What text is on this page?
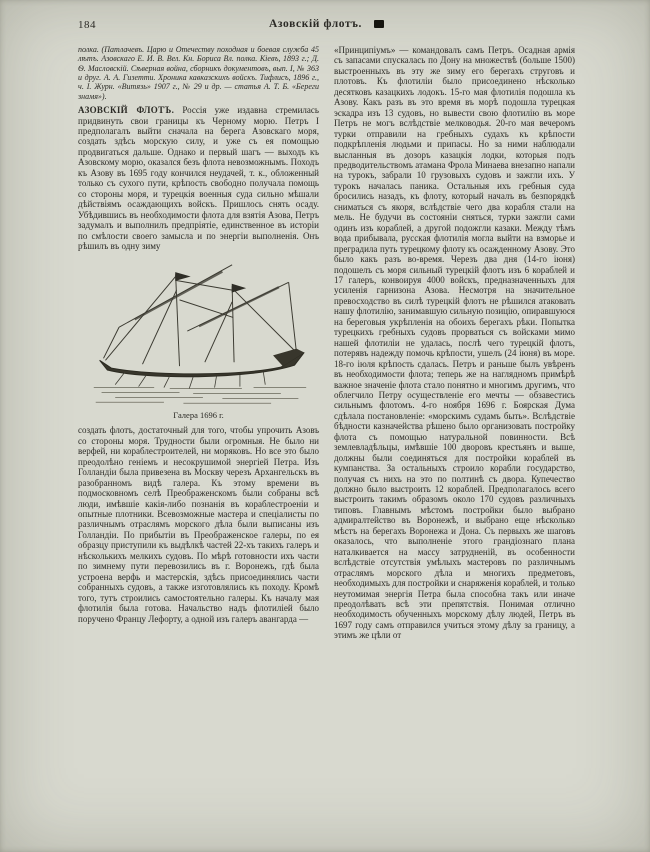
184	Азовскій флотъ.

полка. (Патлачевъ. Царю и Отечеству походная и боевая служба 45 лѣтъ. Азовскаго Е. И. В. Вел. Кн. Бориса Вл. полка. Кіевъ, 1893 г.; Д. Ѳ. Масловскій. Сѣверная война, сборникъ документовъ, вып. I, № 363 и друг. А. А. Гизетти. Хроника кавказскихъ войскъ. Тифлисъ, 1896 г., ч. I. Журн. «Витязь» 1907 г., № 29 и др. — статья А. Т. Б. «Береги знамя»).

АЗОВСКІЙ ФЛОТЪ. Россія уже издавна стремилась придвинуть свои границы къ Черному морю. Петръ I предполагалъ выйти сначала на берега Азовскаго моря, создать здѣсь морскую силу, и уже съ ея помощью продвигаться дальше. Однако и первый шагъ — выходъ къ Азовскому морю, оказался безъ флота невозможнымъ. Походъ къ Азову въ 1695 году кончился неудачей, т. к., обложенный только съ сухого пути, крѣпость свободно получала помощь со стороны моря, и турецкія военныя суда сильно мѣшали дѣйствіямъ осаждающихъ войскъ. Пришлось снять осаду. Убѣдившись въ необходимости флота для взятія Азова, Петръ задумалъ и выполнилъ предпріятіе, единственное въ исторіи по смѣлости своего замысла и по энергіи выполненія. Онъ рѣшилъ въ одну зиму

Галера 1696 г.

создать флотъ, достаточный для того, чтобы упрочить Азовъ со стороны моря. Трудности были огромныя. Не было ни верфей, ни кораблестроителей, ни моряковъ. Но все это было преодолѣно геніемъ и несокрушимой энергіей Петра. Изъ Голландіи была привезена въ Москву черезъ Архангельскъ въ разобранномъ видѣ галера. Къ этому времени въ подмосковномъ селѣ Преображенскомъ были собраны всѣ люди, имѣвшіе какія-либо познанія въ кораблестроеніи и опытные плотники. Всевозможные мастера и спеціалисты по различнымъ отраслямъ морского дѣла были выписаны изъ Голландіи. По прибытіи въ Преображенское галеры, по ея образцу приступили къ выдѣлкѣ частей 22-хъ такихъ галеръ и нѣсколькихъ мелкихъ судовъ. По мѣрѣ готовности ихъ части по зимнему пути перевозились въ г. Воронежъ, гдѣ была устроена верфь и мастерскія, здѣсь присоединялись части собранныхъ судовъ, а также изготовлялись къ походу. Кромѣ того, тутъ строились самостоятельно галеры. Къ началу мая флотилія была готова. Начальство надъ флотиліей было поручено Францу Лефорту, а одной изъ галеръ авангарда —

«Принципіумъ» — командовалъ самъ Петръ. Осадная армія съ запасами спускалась по Дону на множествѣ (больше 1500) выстроенныхъ въ эту же зиму его берегахъ струговъ и плотовъ. Къ флотиліи было присоединено нѣсколько десятковъ казацкихъ лодокъ. 15-го мая флотилія подошла къ Азову. Какъ разъ въ это время въ морѣ подошла турецкая эскадра изъ 13 судовъ, но вывести свою флотилію въ море Петръ не могъ вслѣдствіе мелководья. 20-го мая вечеромъ турки отправили на гребныхъ судахъ къ крѣпости подкрѣпленія людьми и припасы. Но за ними наблюдали высланныя въ дозоръ казацкія лодки, которыя подъ предводительствомъ атамана Фрола Минаева внезапно напали на турокъ, забрали 10 грузовыхъ судовъ и зажгли ихъ. У турокъ началась паника. Остальныя ихъ гребныя суда бросились назадъ, къ флоту, который началъ въ безпорядкѣ сниматься съ якоря, вслѣдствіе чего два корабля стали на мель. Не будучи въ состояніи сняться, турки зажгли сами одинъ изъ кораблей, а другой подожгли казаки. Между тѣмъ вода прибывала, русская флотилія могла выйти на взморье и преградила путь турецкому флоту къ осажденному Азову. Это было какъ разъ во-время. Черезъ два дня (14-го іюня) подошелъ съ моря сильный турецкій флотъ изъ 6 кораблей и 17 галеръ, конвоируя 4000 войскъ, предназначенныхъ для усиленія гарнизона Азова. Несмотря на значительное превосходство въ силѣ турецкій флотъ не рѣшился атаковать нашу флотилію, занимавшую сильную позицію, опиравшуюся на береговыя укрѣпленія на обоихъ берегахъ рѣки. Попытка турецкихъ гребныхъ судовъ прорваться съ войсками мимо нашей флотиліи не удалась, послѣ чего турецкій флотъ, потерявъ надежду помочь крѣпости, ушелъ (24 іюня) въ море. 18-го іюля крѣпость сдалась. Петръ и раньше былъ увѣренъ въ необходимости флота; теперь же на наглядномъ примѣрѣ важное значеніе флота стало понятно и многимъ другимъ, что облегчило Петру осуществленіе его мечты — обзавестись сильнымъ флотомъ. 4-го ноября 1696 г. Боярская Дума сдѣлала постановленіе: «морскимъ судамъ быть». Вслѣдствіе бѣдности казначейства рѣшено было организовать постройку флота съ помощью натуральной повинности. Всѣ землевладѣльцы, имѣвшіе 100 дворовъ крестьянъ и выше, должны были соединяться для постройки кораблей въ кумпанства. За остальныхъ строило корабли государство, получая съ нихъ на это по полтинѣ съ двора. Купечество должно было выстроить 12 кораблей. Предполагалось всего выстроить такимъ образомъ около 170 судовъ различныхъ типовъ. Главнымъ мѣстомъ постройки было выбрано адмиралтейство въ Воронежѣ, и выбрано еще нѣсколько мѣстъ на берегахъ Воронежа и Дона. Съ первыхъ же шаговъ оказалось, что выполненіе этого грандіознаго плана наталкивается на массу затрудненій, въ особенности вслѣдствіе отсутствія умѣлыхъ мастеровъ по различнымъ отраслямъ морского дѣла и многихъ предметовъ, необходимыхъ для постройки и снаряженія кораблей, и только неутомимая энергія Петра была способна такъ или иначе преодолѣвать всѣ эти препятствія. Понимая отлично необходимость обученныхъ морскому дѣлу людей, Петръ въ 1697 году самъ отправился учиться этому дѣлу за границу, а этимъ же цѣли от
